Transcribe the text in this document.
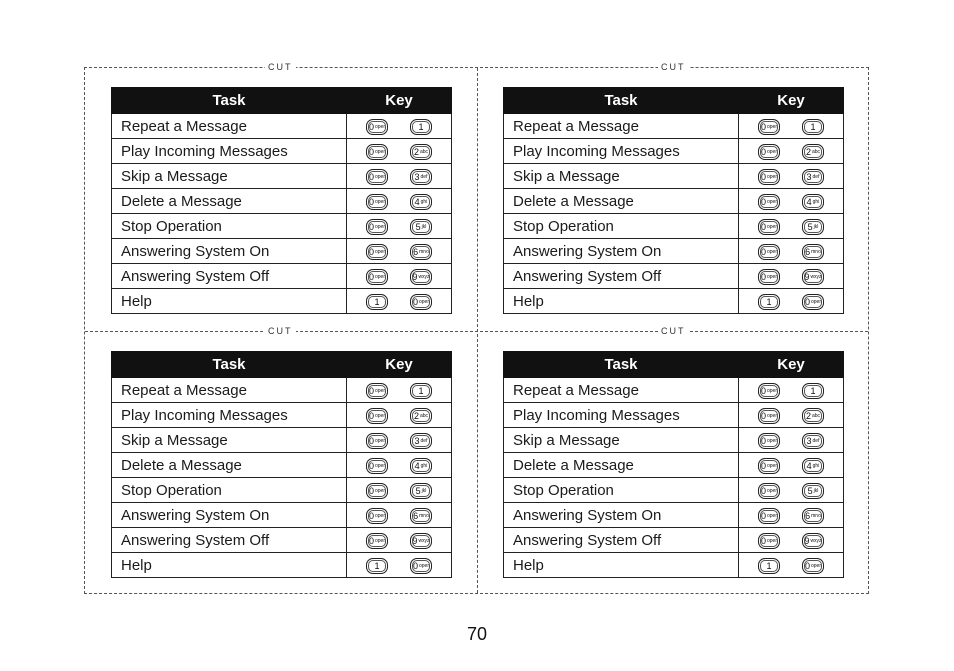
CUT	CUT
CUT	CUT
Task	Key
Repeat a Message	0 oper 1

Play Incoming Messages	0 oper 2 abc

Skip a Message	0 oper 3 def

Delete a Message	0 oper 4 ghi

Stop Operation	0 oper 5 jkl

Answering System On	0 oper 6 mno

Answering System Off	0 oper 9 wxyz

Help	1 0 oper
Task	Key
Repeat a Message	0 oper 1

Play Incoming Messages	0 oper 2 abc

Skip a Message	0 oper 3 def

Delete a Message	0 oper 4 ghi

Stop Operation	0 oper 5 jkl

Answering System On	0 oper 6 mno

Answering System Off	0 oper 9 wxyz

Help	1 0 oper
Task	Key
Repeat a Message	0 oper 1

Play Incoming Messages	0 oper 2 abc

Skip a Message	0 oper 3 def

Delete a Message	0 oper 4 ghi

Stop Operation	0 oper 5 jkl

Answering System On	0 oper 6 mno

Answering System Off	0 oper 9 wxyz

Help	1 0 oper
Task	Key
Repeat a Message	0 oper 1

Play Incoming Messages	0 oper 2 abc

Skip a Message	0 oper 3 def

Delete a Message	0 oper 4 ghi

Stop Operation	0 oper 5 jkl

Answering System On	0 oper 6 mno

Answering System Off	0 oper 9 wxyz

Help	1 0 oper
70
